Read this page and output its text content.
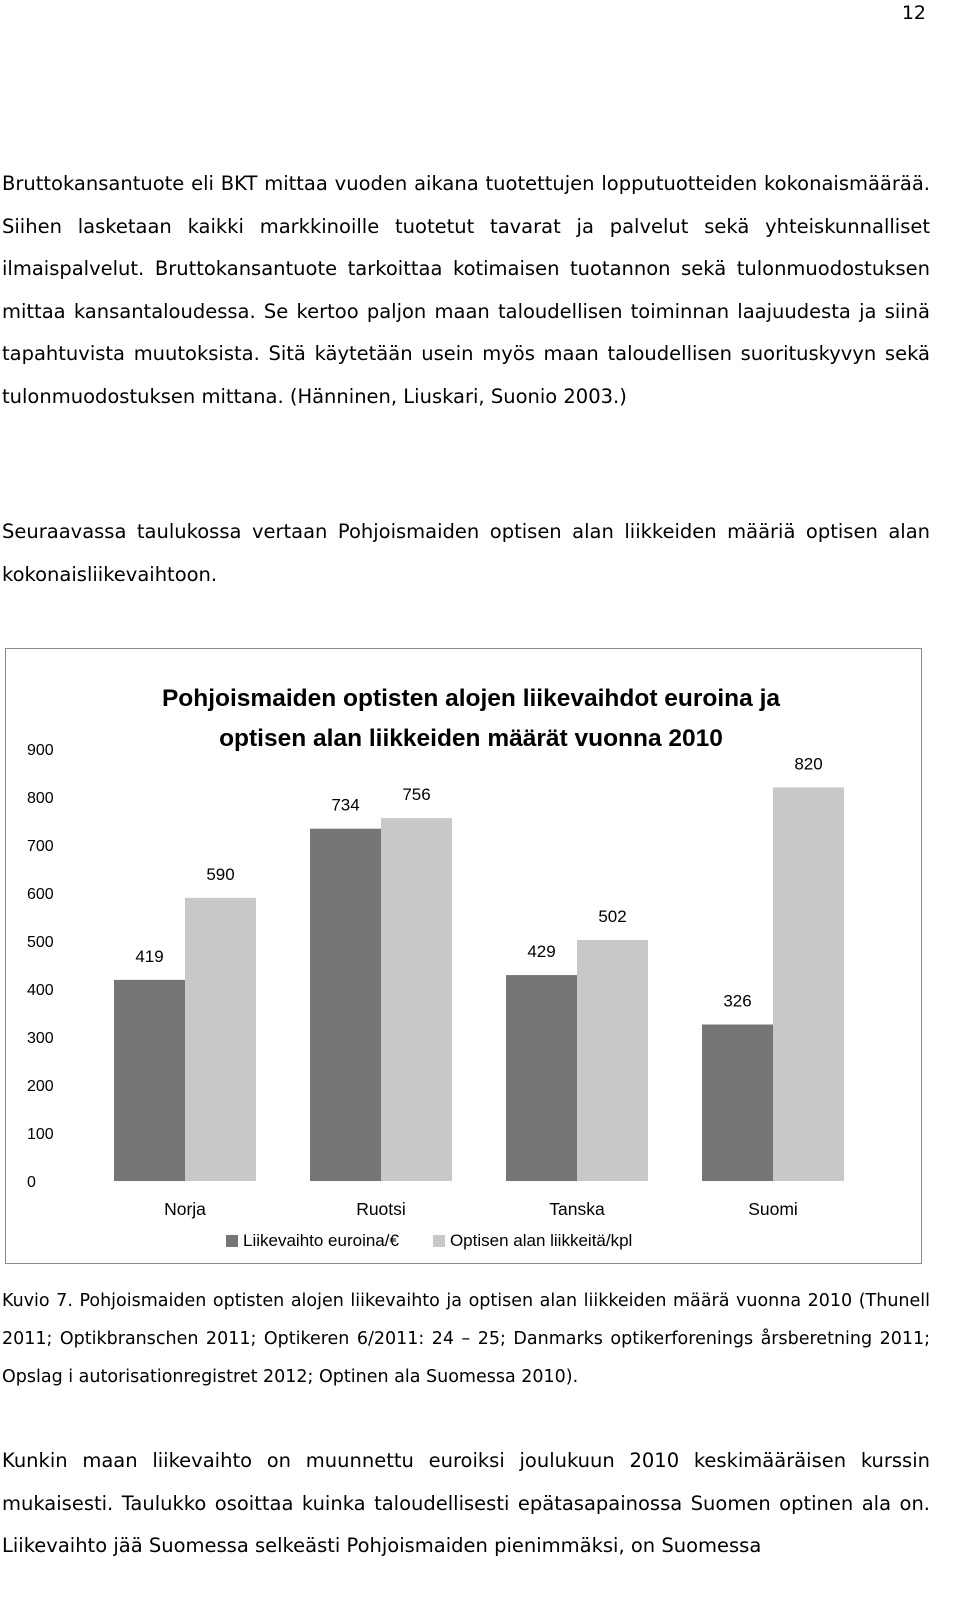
12

Bruttokansantuote eli BKT mittaa vuoden aikana tuotettujen lopputuotteiden kokonaismäärää. Siihen lasketaan kaikki markkinoille tuotetut tavarat ja palvelut sekä yhteiskunnalliset ilmaispalvelut. Bruttokansantuote tarkoittaa kotimaisen tuotannon sekä tulonmuodostuksen mittaa kansantaloudessa. Se kertoo paljon maan taloudellisen toiminnan laajuudesta ja siinä tapahtuvista muutoksista. Sitä käytetään usein myös maan taloudellisen suorituskyvyn sekä tulonmuodostuksen mittana. (Hänninen, Liuskari, Suonio 2003.)

Seuraavassa taulukossa vertaan Pohjoismaiden optisen alan liikkeiden määriä optisen alan kokonaisliikevaihtoon.

0
100
200
300
400
500
600
700
800
900
419
734
429
326
590
756
502
820
Norja	Ruotsi	Tanska	Suomi
Pohjoismaiden optisten alojen liikevaihdot euroina ja optisen alan liikkeiden määrät vuonna 2010
Liikevaihto euroina/€	Optisen alan liikkeitä/kpl

Kuvio 7. Pohjoismaiden optisten alojen liikevaihto ja optisen alan liikkeiden määrä vuonna 2010 (Thunell 2011; Optikbranschen 2011; Optikeren 6/2011: 24 – 25; Danmarks optikerforenings årsberetning 2011; Opslag i autorisationregistret 2012; Optinen ala Suomessa 2010).

Kunkin maan liikevaihto on muunnettu euroiksi joulukuun 2010 keskimääräisen kurssin mukaisesti. Taulukko osoittaa kuinka taloudellisesti epätasapainossa Suomen optinen ala on. Liikevaihto jää Suomessa selkeästi Pohjoismaiden pienimmäksi, on Suomessa
